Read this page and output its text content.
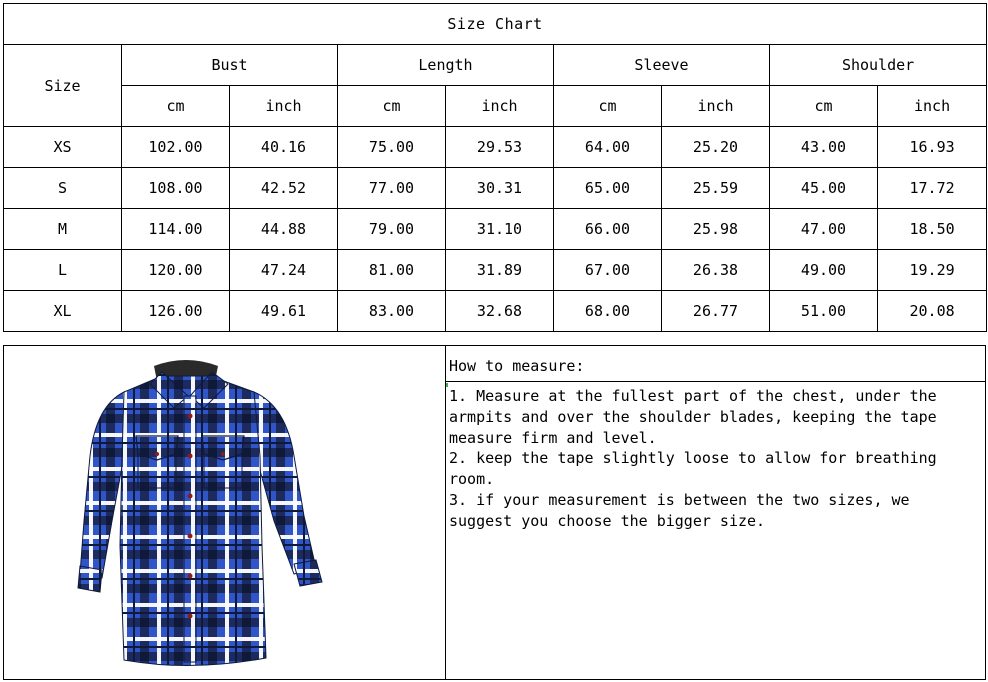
Size Chart								
Size	Bust		Length		Sleeve		Shoulder	
	cm	inch	cm	inch	cm	inch	cm	inch
XS	102.00	40.16	75.00	29.53	64.00	25.20	43.00	16.93
S	108.00	42.52	77.00	30.31	65.00	25.59	45.00	17.72
M	114.00	44.88	79.00	31.10	66.00	25.98	47.00	18.50
L	120.00	47.24	81.00	31.89	67.00	26.38	49.00	19.29
XL	126.00	49.61	83.00	32.68	68.00	26.77	51.00	20.08
How to measure:

1. Measure at the fullest part of the chest, under the armpits and over the shoulder blades, keeping the tape measure firm and level.

2. keep the tape slightly loose to allow for breathing room.

3. if your measurement is between the two sizes, we suggest you choose the bigger size.
